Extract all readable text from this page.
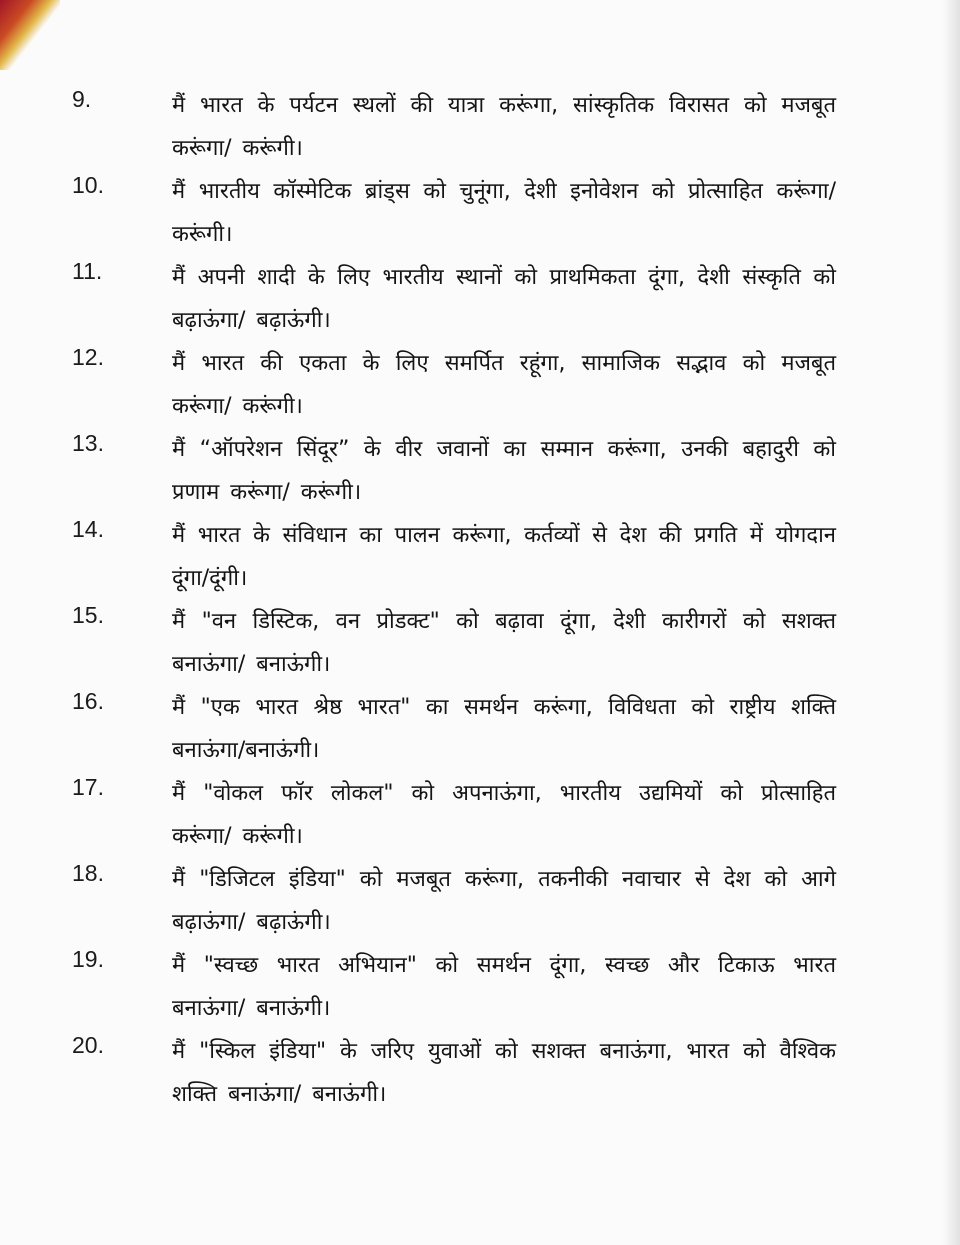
9.	मैं भारत के पर्यटन स्थलों की यात्रा करूंगा, सांस्कृतिक विरासत को मजबूत करूंगा/ करूंगी।
10.	मैं भारतीय कॉस्मेटिक ब्रांड्स को चुनूंगा, देशी इनोवेशन को प्रोत्साहित करूंगा/ करूंगी।
11.	मैं अपनी शादी के लिए भारतीय स्थानों को प्राथमिकता दूंगा, देशी संस्कृति को बढ़ाऊंगा/ बढ़ाऊंगी।
12.	मैं भारत की एकता के लिए समर्पित रहूंगा, सामाजिक सद्भाव को मजबूत करूंगा/ करूंगी।
13.	मैं “ऑपरेशन सिंदूर” के वीर जवानों का सम्मान करूंगा, उनकी बहादुरी को प्रणाम करूंगा/ करूंगी।
14.	मैं भारत के संविधान का पालन करूंगा, कर्तव्यों से देश की प्रगति में योगदान दूंगा/दूंगी।
15.	मैं "वन डिस्टिक, वन प्रोडक्ट" को बढ़ावा दूंगा, देशी कारीगरों को सशक्त बनाऊंगा/ बनाऊंगी।
16.	मैं "एक भारत श्रेष्ठ भारत" का समर्थन करूंगा, विविधता को राष्ट्रीय शक्ति बनाऊंगा/बनाऊंगी।
17.	मैं "वोकल फॉर लोकल" को अपनाऊंगा, भारतीय उद्यमियों को प्रोत्साहित करूंगा/ करूंगी।
18.	मैं "डिजिटल इंडिया" को मजबूत करूंगा, तकनीकी नवाचार से देश को आगे बढ़ाऊंगा/ बढ़ाऊंगी।
19.	मैं "स्वच्छ भारत अभियान" को समर्थन दूंगा, स्वच्छ और टिकाऊ भारत बनाऊंगा/ बनाऊंगी।
20.	मैं "स्किल इंडिया" के जरिए युवाओं को सशक्त बनाऊंगा, भारत को वैश्विक शक्ति बनाऊंगा/ बनाऊंगी।
